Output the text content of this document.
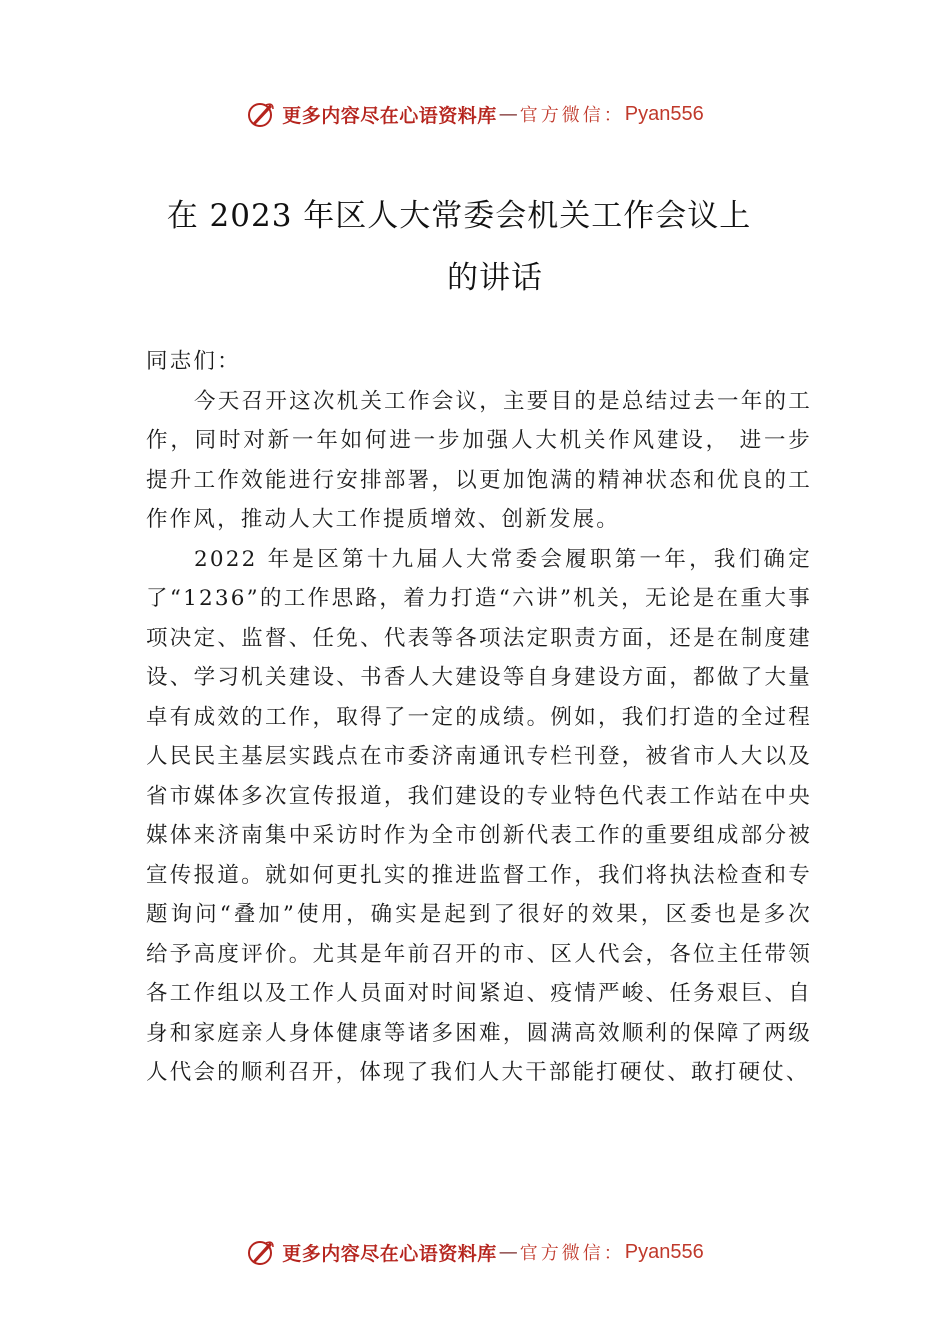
更多内容尽在心语资料库 — 官方微信： Pyan556
在 2023 年区人大常委会机关工作会议上
的讲话

同志们：

今天召开这次机关工作会议，主要目的是总结过去一年的工作，同时对新一年如何进一步加强人大机关作风建设， 进一步提升工作效能进行安排部署，以更加饱满的精神状态和优良的工作作风，推动人大工作提质增效、创新发展。

2022 年是区第十九届人大常委会履职第一年，我们确定了“1236”的工作思路，着力打造“六讲”机关，无论是在重大事项决定、监督、任免、代表等各项法定职责方面，还是在制度建设、学习机关建设、书香人大建设等自身建设方面，都做了大量卓有成效的工作，取得了一定的成绩。例如，我们打造的全过程人民民主基层实践点在市委济南通讯专栏刊登，被省市人大以及省市媒体多次宣传报道，我们建设的专业特色代表工作站在中央媒体来济南集中采访时作为全市创新代表工作的重要组成部分被宣传报道。就如何更扎实的推进监督工作，我们将执法检查和专题询问“叠加”使用，确实是起到了很好的效果，区委也是多次给予高度评价。尤其是年前召开的市、区人代会，各位主任带领各工作组以及工作人员面对时间紧迫、疫情严峻、任务艰巨、自身和家庭亲人身体健康等诸多困难，圆满高效顺利的保障了两级人代会的顺利召开，体现了我们人大干部能打硬仗、敢打硬仗、

更多内容尽在心语资料库 — 官方微信： Pyan556
